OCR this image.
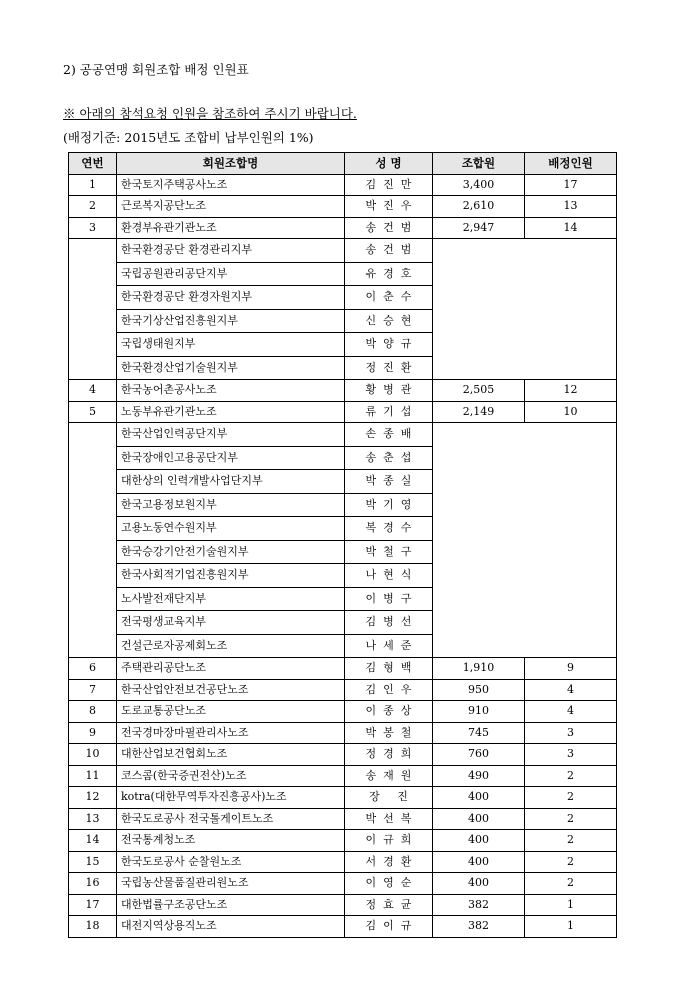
2) 공공연맹 회원조합 배정 인원표
※ 아래의 참석요청 인원을 참조하여 주시기 바랍니다.
(배정기준: 2015년도 조합비 납부인원의 1%)
연번	회원조합명	성 명	조합원	배정인원
1	한국토지주택공사노조	김진만	3,400	17
2	근로복지공단노조	박진우	2,610	13
3	환경부유관기관노조	송건범	2,947	14
	한국환경공단 환경관리지부	송건범		
	국립공원관리공단지부	유경호		
	한국환경공단 환경자원지부	이춘수		
	한국기상산업진흥원지부	신승현		
	국립생태원지부	박양규		
	한국환경산업기술원지부	정진환		
4	한국농어촌공사노조	황병관	2,505	12
5	노동부유관기관노조	류기섭	2,149	10
	한국산업인력공단지부	손종배		
	한국장애인고용공단지부	송춘섭		
	대한상의 인력개발사업단지부	박종실		
	한국고용정보원지부	박기영		
	고용노동연수원지부	복경수		
	한국승강기안전기술원지부	박철구		
	한국사회적기업진흥원지부	나현식		
	노사발전재단지부	이병구		
	전국평생교육지부	김병선		
	건설근로자공제회노조	나세준		
6	주택관리공단노조	김형백	1,910	9
7	한국산업안전보건공단노조	김인우	950	4
8	도로교통공단노조	이종상	910	4
9	전국경마장마필관리사노조	박봉철	745	3
10	대한산업보건협회노조	정경희	760	3
11	코스콤(한국증권전산)노조	송재원	490	2
12	kotra(대한무역투자진흥공사)노조	장 진	400	2
13	한국도로공사 전국톨게이트노조	박선복	400	2
14	전국통계청노조	이규희	400	2
15	한국도로공사 순찰원노조	서경환	400	2
16	국립농산물품질관리원노조	이영순	400	2
17	대한법률구조공단노조	정효균	382	1
18	대전지역상용직노조	김이규	382	1
